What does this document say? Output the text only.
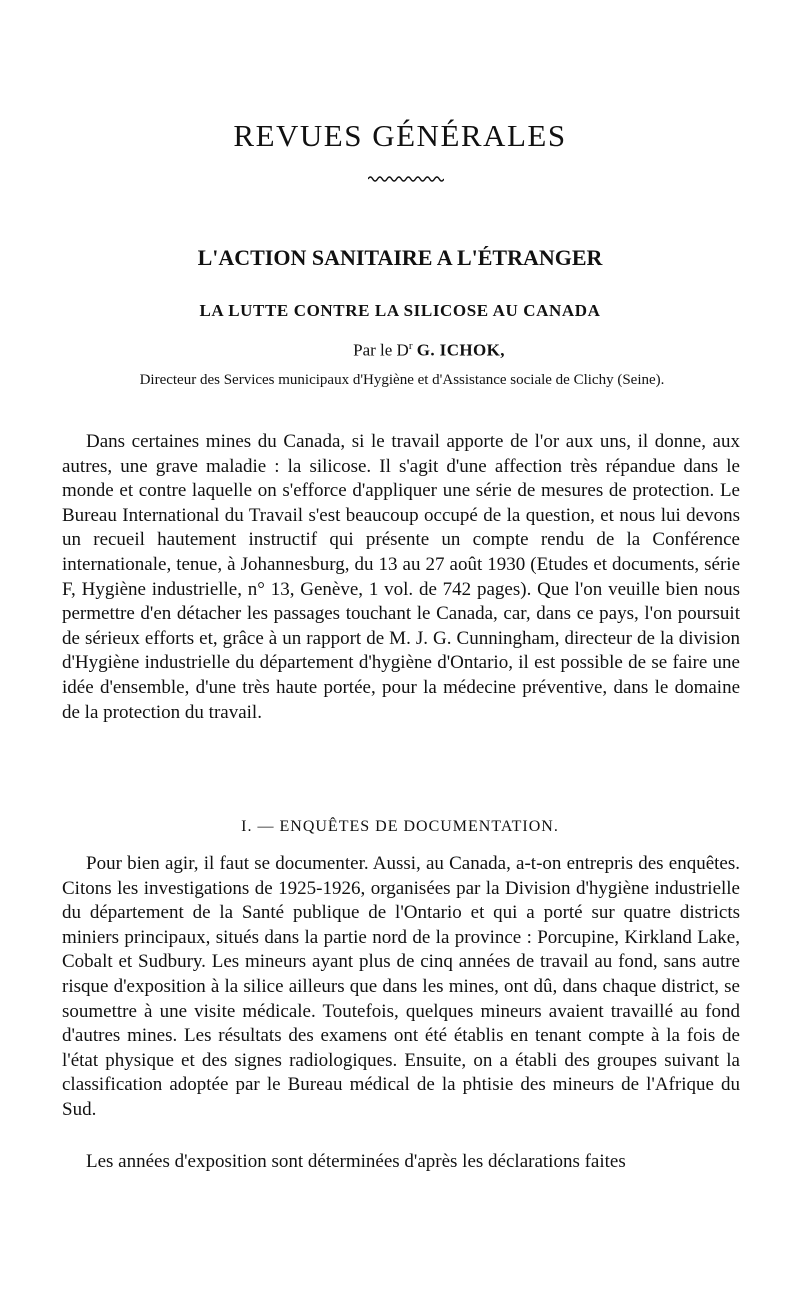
REVUES GÉNÉRALES
L'ACTION SANITAIRE A L'ÉTRANGER
LA LUTTE CONTRE LA SILICOSE AU CANADA
Par le $D^r$ G. ICHOK,
Directeur des Services municipaux d'Hygiène et d'Assistance sociale de Clichy (Seine).

Dans certaines mines du Canada, si le travail apporte de l'or aux uns, il donne, aux autres, une grave maladie : la silicose. Il s'agit d'une affection très répandue dans le monde et contre laquelle on s'efforce d'appliquer une série de mesures de protection. Le Bureau International du Travail s'est beaucoup occupé de la question, et nous lui devons un recueil hautement instructif qui présente un compte rendu de la Conférence internationale, tenue, à Johannesburg, du 13 au 27 août 1930 (Etudes et documents, série F, Hygiène industrielle, n° 13, Genève, 1 vol. de 742 pages). Que l'on veuille bien nous permettre d'en détacher les passages touchant le Canada, car, dans ce pays, l'on poursuit de sérieux efforts et, grâce à un rapport de M. J. G. Cunningham, directeur de la division d'Hygiène industrielle du département d'hygiène d'Ontario, il est possible de se faire une idée d'ensemble, d'une très haute portée, pour la médecine préventive, dans le domaine de la protection du travail.

I. — ENQUÊTES DE DOCUMENTATION.

Pour bien agir, il faut se documenter. Aussi, au Canada, a-t-on entrepris des enquêtes. Citons les investigations de 1925-1926, organisées par la Division d'hygiène industrielle du département de la Santé publique de l'Ontario et qui a porté sur quatre districts miniers principaux, situés dans la partie nord de la province : Porcupine, Kirkland Lake, Cobalt et Sudbury. Les mineurs ayant plus de cinq années de travail au fond, sans autre risque d'exposition à la silice ailleurs que dans les mines, ont dû, dans chaque district, se soumettre à une visite médicale. Toutefois, quelques mineurs avaient travaillé au fond d'autres mines. Les résultats des examens ont été établis en tenant compte à la fois de l'état physique et des signes radiologiques. Ensuite, on a établi des groupes suivant la classification adoptée par le Bureau médical de la phtisie des mineurs de l'Afrique du Sud.

Les années d'exposition sont déterminées d'après les déclarations faites
